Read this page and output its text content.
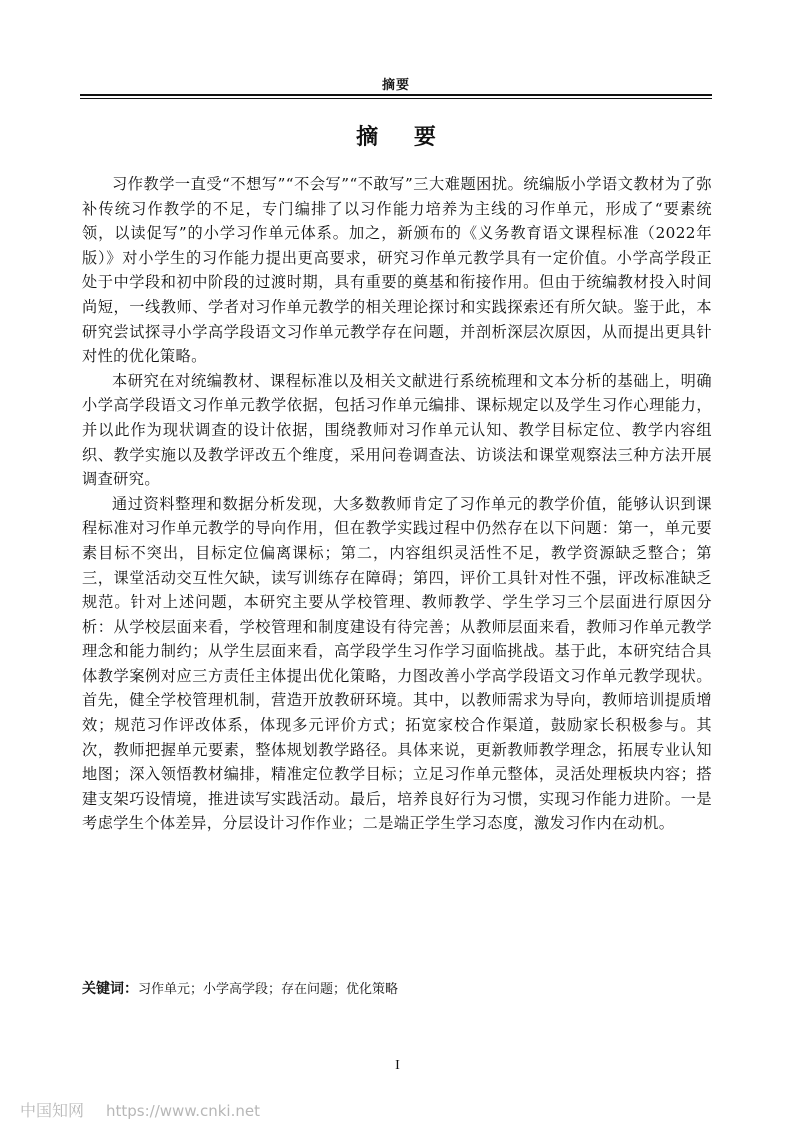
摘要
摘 要

习作教学一直受“不想写”“不会写”“不敢写”三大难题困扰。统编版小学语文教材为了弥补传统习作教学的不足，专门编排了以习作能力培养为主线的习作单元，形成了“要素统领，以读促写”的小学习作单元体系。加之，新颁布的《义务教育语文课程标准（2022年版）》对小学生的习作能力提出更高要求，研究习作单元教学具有一定价值。小学高学段正处于中学段和初中阶段的过渡时期，具有重要的奠基和衔接作用。但由于统编教材投入时间尚短，一线教师、学者对习作单元教学的相关理论探讨和实践探索还有所欠缺。鉴于此，本研究尝试探寻小学高学段语文习作单元教学存在问题，并剖析深层次原因，从而提出更具针对性的优化策略。

本研究在对统编教材、课程标准以及相关文献进行系统梳理和文本分析的基础上，明确小学高学段语文习作单元教学依据，包括习作单元编排、课标规定以及学生习作心理能力，并以此作为现状调查的设计依据，围绕教师对习作单元认知、教学目标定位、教学内容组织、教学实施以及教学评改五个维度，采用问卷调查法、访谈法和课堂观察法三种方法开展调查研究。

通过资料整理和数据分析发现，大多数教师肯定了习作单元的教学价值，能够认识到课程标准对习作单元教学的导向作用，但在教学实践过程中仍然存在以下问题：第一，单元要素目标不突出，目标定位偏离课标；第二，内容组织灵活性不足，教学资源缺乏整合；第三，课堂活动交互性欠缺，读写训练存在障碍；第四，评价工具针对性不强，评改标准缺乏规范。针对上述问题，本研究主要从学校管理、教师教学、学生学习三个层面进行原因分析：从学校层面来看，学校管理和制度建设有待完善；从教师层面来看，教师习作单元教学理念和能力制约；从学生层面来看，高学段学生习作学习面临挑战。基于此，本研究结合具体教学案例对应三方责任主体提出优化策略，力图改善小学高学段语文习作单元教学现状。首先，健全学校管理机制，营造开放教研环境。其中，以教师需求为导向，教师培训提质增效；规范习作评改体系，体现多元评价方式；拓宽家校合作渠道，鼓励家长积极参与。其次，教师把握单元要素，整体规划教学路径。具体来说，更新教师教学理念，拓展专业认知地图；深入领悟教材编排，精准定位教学目标；立足习作单元整体，灵活处理板块内容；搭建支架巧设情境，推进读写实践活动。最后，培养良好行为习惯，实现习作能力进阶。一是考虑学生个体差异，分层设计习作作业；二是端正学生学习态度，激发习作内在动机。

关键词：习作单元；小学高学段；存在问题；优化策略
I
中国知网 https://www.cnki.net
